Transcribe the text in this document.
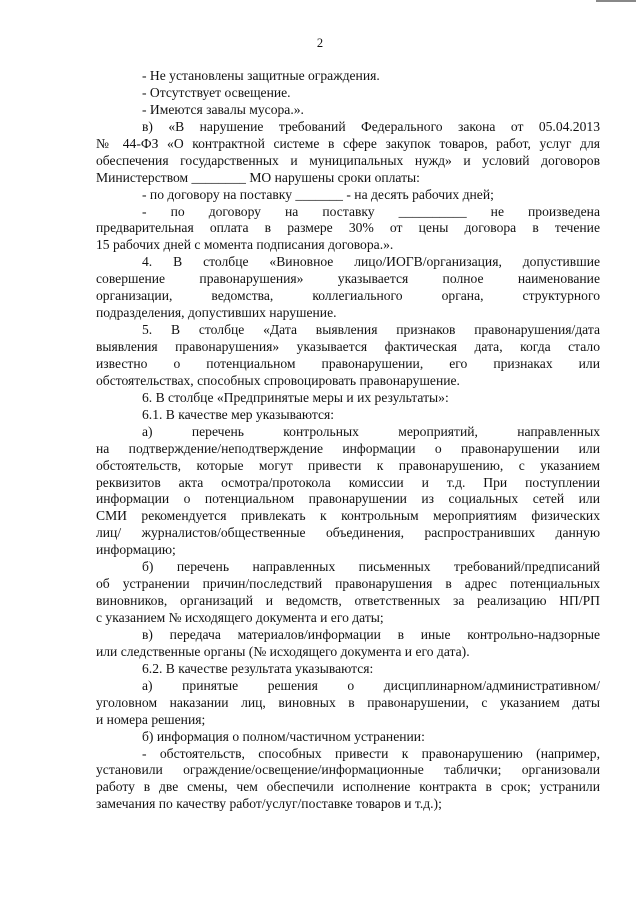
2
- Не установлены защитные ограждения.
- Отсутствует освещение.
- Имеются завалы мусора.».
в) «В нарушение требований Федерального закона от 05.04.2013
№ 44-ФЗ «О контрактной системе в сфере закупок товаров, работ, услуг для
обеспечения государственных и муниципальных нужд» и условий договоров
Министерством ________ МО нарушены сроки оплаты:
- по договору на поставку _______ - на десять рабочих дней;
- по договору на поставку __________ не произведена
предварительная оплата в размере 30% от цены договора в течение
15 рабочих дней с момента подписания договора.».
4. В столбце «Виновное лицо/ИОГВ/организация, допустившие
совершение правонарушения» указывается полное наименование
организации, ведомства, коллегиального органа, структурного
подразделения, допустивших нарушение.
5. В столбце «Дата выявления признаков правонарушения/дата
выявления правонарушения» указывается фактическая дата, когда стало
известно о потенциальном правонарушении, его признаках или
обстоятельствах, способных спровоцировать правонарушение.
6. В столбце «Предпринятые меры и их результаты»:
6.1. В качестве мер указываются:
а) перечень контрольных мероприятий, направленных
на подтверждение/неподтверждение информации о правонарушении или
обстоятельств, которые могут привести к правонарушению, с указанием
реквизитов акта осмотра/протокола комиссии и т.д. При поступлении
информации о потенциальном правонарушении из социальных сетей или
СМИ рекомендуется привлекать к контрольным мероприятиям физических
лиц/ журналистов/общественные объединения, распространивших данную
информацию;
б) перечень направленных письменных требований/предписаний
об устранении причин/последствий правонарушения в адрес потенциальных
виновников, организаций и ведомств, ответственных за реализацию НП/РП
с указанием № исходящего документа и его даты;
в) передача материалов/информации в иные контрольно-надзорные
или следственные органы (№ исходящего документа и его дата).
6.2. В качестве результата указываются:
а) принятые решения о дисциплинарном/административном/
уголовном наказании лиц, виновных в правонарушении, с указанием даты
и номера решения;
б) информация о полном/частичном устранении:
- обстоятельств, способных привести к правонарушению (например,
установили ограждение/освещение/информационные таблички; организовали
работу в две смены, чем обеспечили исполнение контракта в срок; устранили
замечания по качеству работ/услуг/поставке товаров и т.д.);
